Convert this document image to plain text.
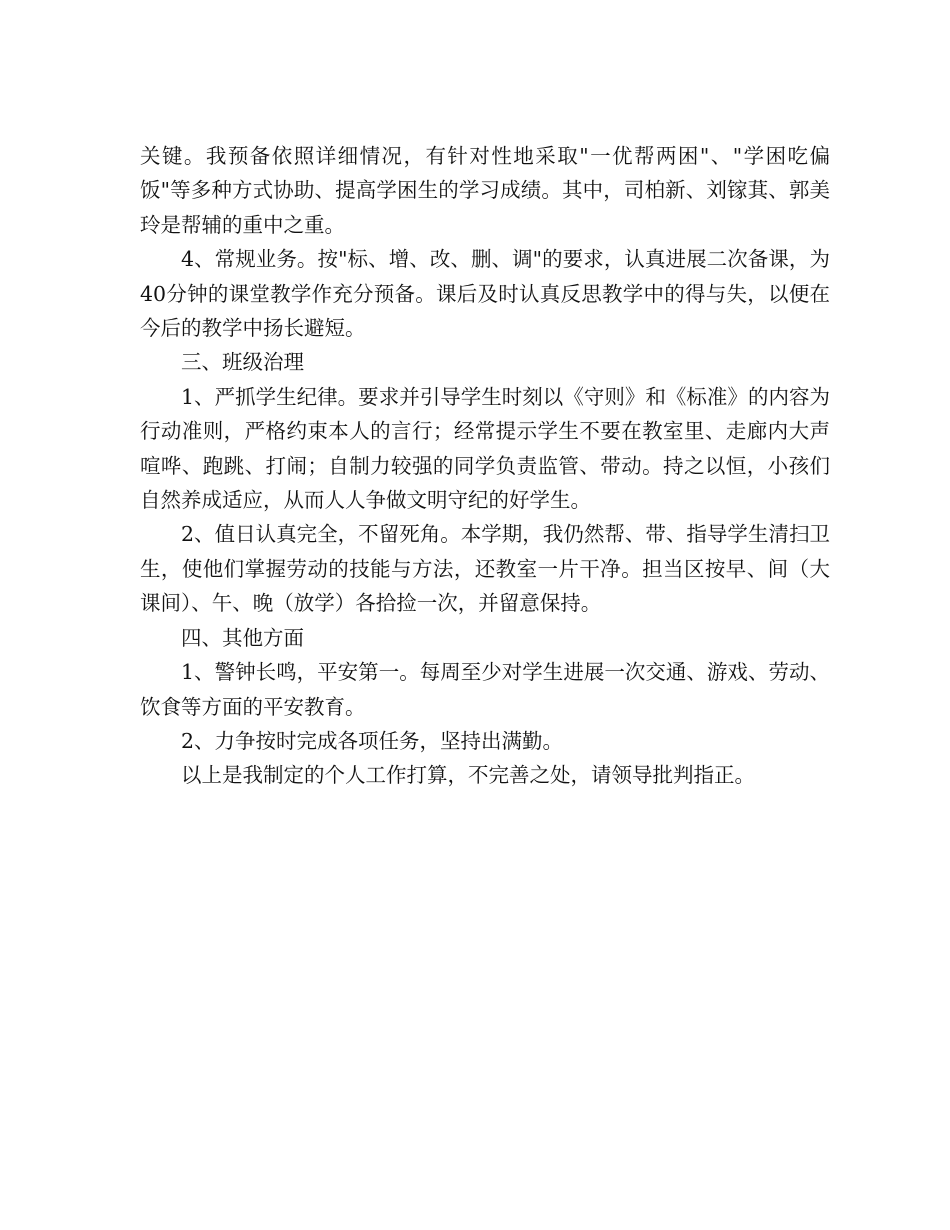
关键。我预备依照详细情况，有针对性地采取"一优帮两困"、"学困吃偏饭"等多种方式协助、提高学困生的学习成绩。其中，司柏新、刘镓萁、郭美玲是帮辅的重中之重。

4、常规业务。按"标、增、改、删、调"的要求，认真进展二次备课，为40分钟的课堂教学作充分预备。课后及时认真反思教学中的得与失，以便在今后的教学中扬长避短。

三、班级治理

1、严抓学生纪律。要求并引导学生时刻以《守则》和《标准》的内容为行动准则，严格约束本人的言行；经常提示学生不要在教室里、走廊内大声喧哗、跑跳、打闹；自制力较强的同学负责监管、带动。持之以恒，小孩们自然养成适应，从而人人争做文明守纪的好学生。

2、值日认真完全，不留死角。本学期，我仍然帮、带、指导学生清扫卫生，使他们掌握劳动的技能与方法，还教室一片干净。担当区按早、间（大课间）、午、晚（放学）各拾捡一次，并留意保持。

四、其他方面

1、警钟长鸣，平安第一。每周至少对学生进展一次交通、游戏、劳动、饮食等方面的平安教育。

2、力争按时完成各项任务，坚持出满勤。

以上是我制定的个人工作打算，不完善之处，请领导批判指正。
